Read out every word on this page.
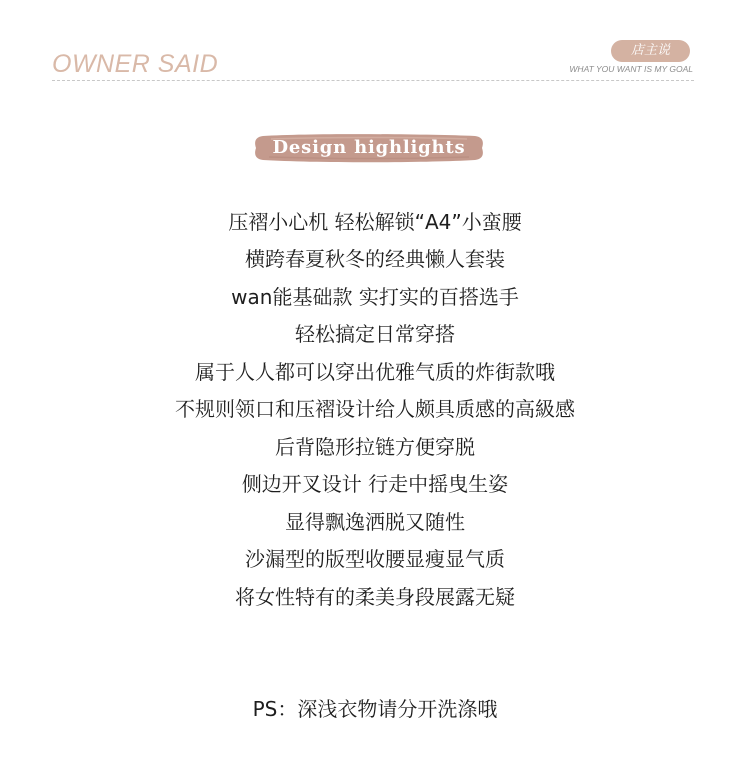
OWNER SAID	店主说
WHAT YOU WANT IS MY GOAL
Design highlights
压褶小心机 轻松解锁“A4”小蛮腰
横跨春夏秋冬的经典懒人套装
wan能基础款 实打实的百搭选手
轻松搞定日常穿搭
属于人人都可以穿出优雅气质的炸街款哦
不规则领口和压褶设计给人颇具质感的高級感
后背隐形拉链方便穿脱
侧边开叉设计 行走中摇曳生姿
显得飘逸洒脱又随性
沙漏型的版型收腰显瘦显气质
将女性特有的柔美身段展露无疑
PS：深浅衣物请分开洗涤哦
